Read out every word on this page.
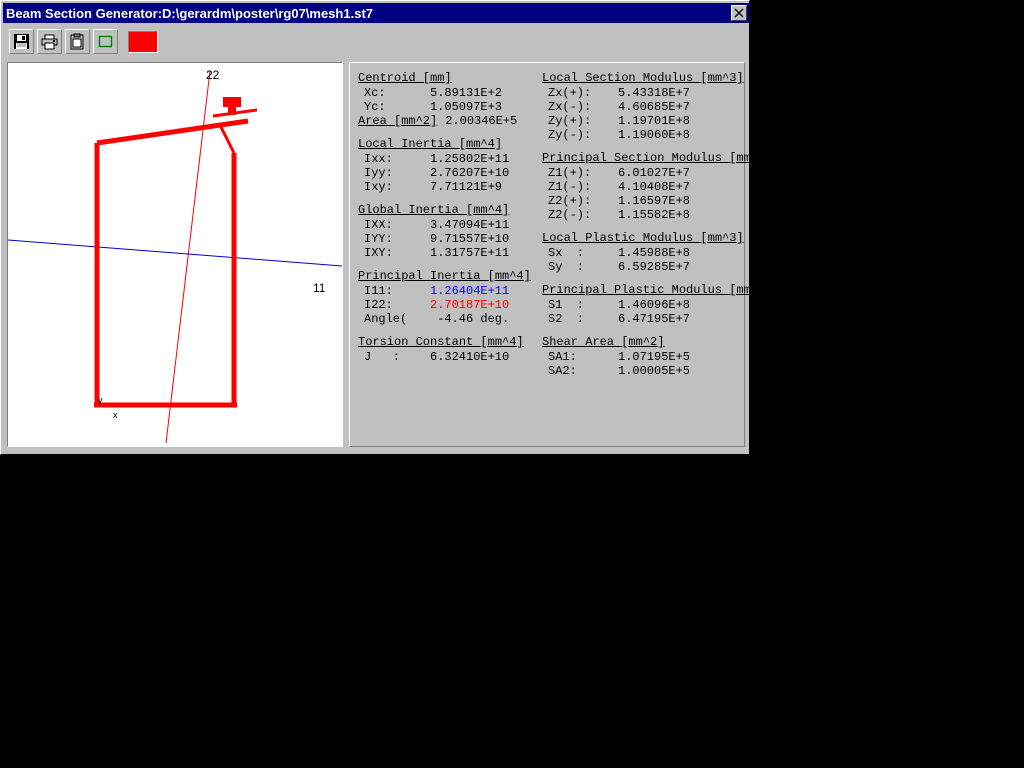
Beam Section Generator:D:\gerardm\poster\rg07\mesh1.st7
22
11
y
x
Centroid [mm]
Xc:	5.89131E+2
Yc:	1.05097E+3
Area [mm^2] 2.00346E+5
Local Inertia [mm^4]
Ixx:	1.25802E+11
Iyy:	2.76207E+10
Ixy:	7.71121E+9
Global Inertia [mm^4]
IXX:	3.47094E+11
IYY:	9.71557E+10
IXY:	1.31757E+11
Principal Inertia [mm^4]
I11:	1.26404E+11
I22:	2.70187E+10
Angle(	-4.46 deg.
Torsion Constant [mm^4]
J   :	6.32410E+10
Local Section Modulus [mm^3]
Zx(+):	5.43318E+7
Zx(-):	4.60685E+7
Zy(+):	1.19701E+8
Zy(-):	1.19060E+8
Principal Section Modulus [mm^3]
Z1(+):	6.01027E+7
Z1(-):	4.10408E+7
Z2(+):	1.16597E+8
Z2(-):	1.15582E+8
Local Plastic Modulus [mm^3]
Sx  :	1.45988E+8
Sy  :	6.59285E+7
Principal Plastic Modulus [mm^3]
S1  :	1.46096E+8
S2  :	6.47195E+7
Shear Area [mm^2]
SA1:	1.07195E+5
SA2:	1.00005E+5
